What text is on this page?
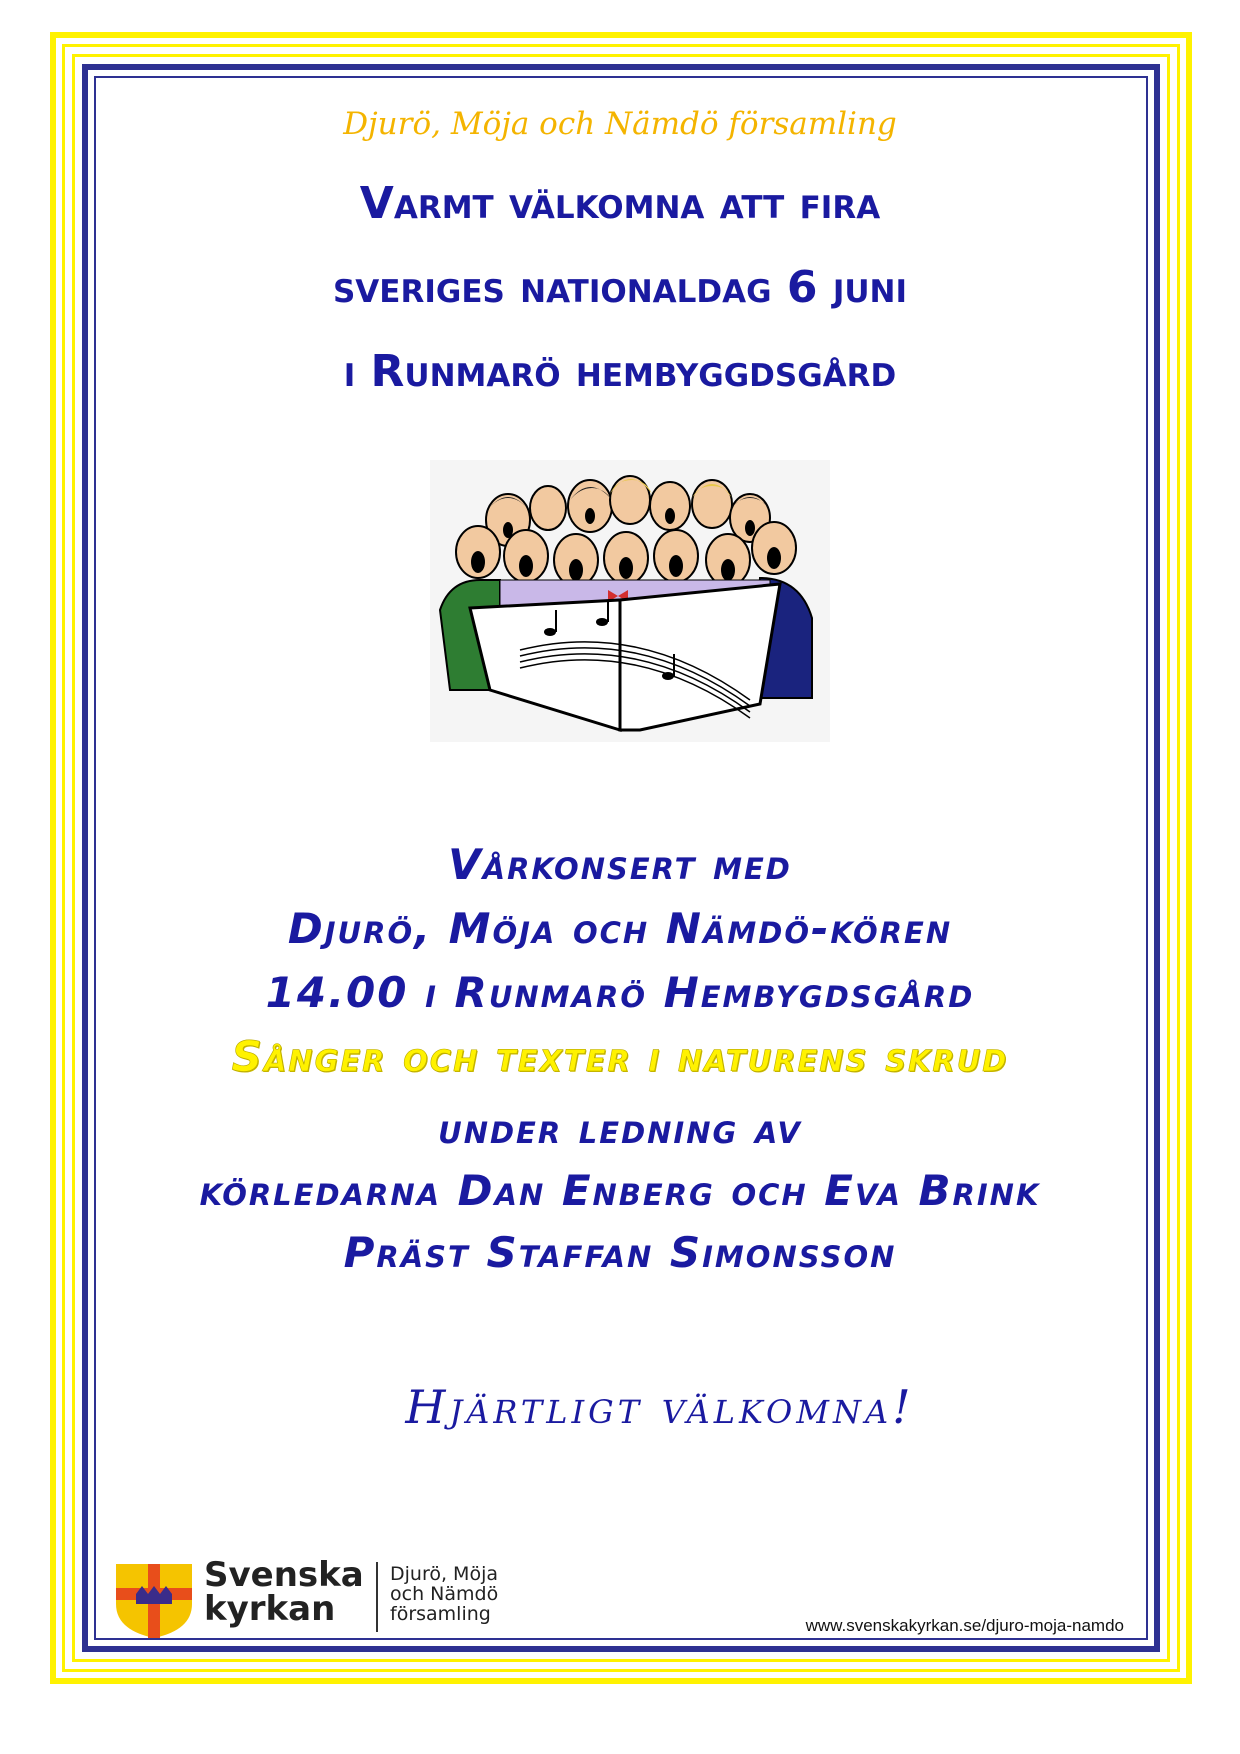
Djurö, Möja och Nämdö församling
Varmt välkomna att fira
sveriges nationaldag 6 juni
i Runmarö hembyggdsgård
Vårkonsert med
Djurö, Möja och Nämdö-kören
14.00 i Runmarö Hembygdsgård
Sånger och texter i naturens skrud
under ledning av
körledarna Dan Enberg och Eva Brink
Präst Staffan Simonsson
Hjärtligt välkomna!
Svenska
kyrkan
Djurö, Möja
och Nämdö
församling
www.svenskakyrkan.se/djuro-moja-namdo
